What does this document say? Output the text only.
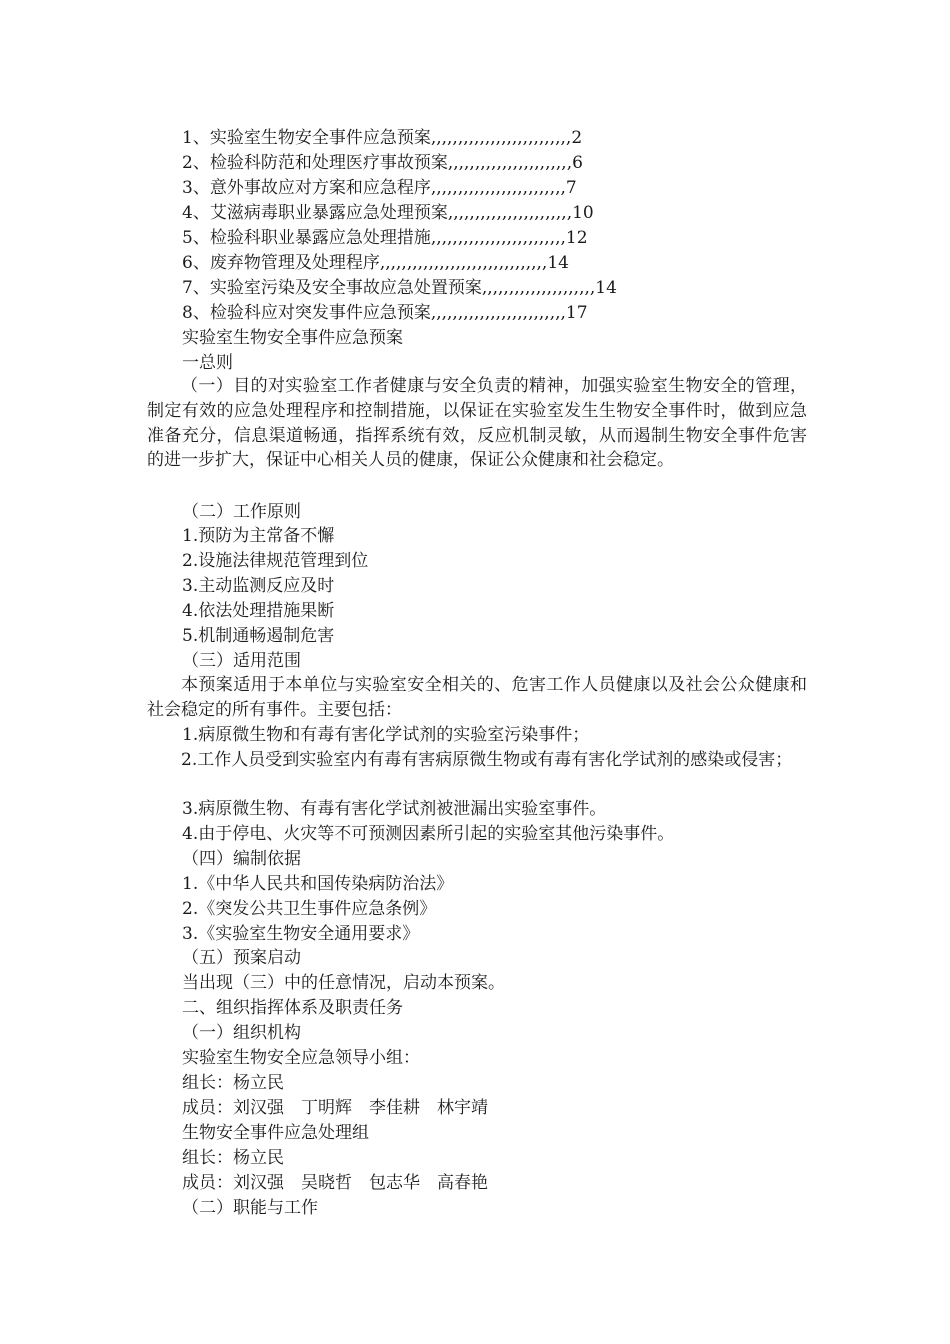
1、实验室生物安全事件应急预案,,,,,,,,,,,,,,,,,,,,,,,,,,2
2、检验科防范和处理医疗事故预案,,,,,,,,,,,,,,,,,,,,,,,6
3、意外事故应对方案和应急程序,,,,,,,,,,,,,,,,,,,,,,,,,7
4、艾滋病毒职业暴露应急处理预案,,,,,,,,,,,,,,,,,,,,,,,10
5、检验科职业暴露应急处理措施,,,,,,,,,,,,,,,,,,,,,,,,,12
6、废弃物管理及处理程序,,,,,,,,,,,,,,,,,,,,,,,,,,,,,,,14
7、实验室污染及安全事故应急处置预案,,,,,,,,,,,,,,,,,,,,,14
8、检验科应对突发事件应急预案,,,,,,,,,,,,,,,,,,,,,,,,,17
实验室生物安全事件应急预案
一总则
（一）目的对实验室工作者健康与安全负责的精神，加强实验室生物安全的管理，制定有效的应急处理程序和控制措施，以保证在实验室发生生物安全事件时，做到应急准备充分，信息渠道畅通，指挥系统有效，反应机制灵敏，从而遏制生物安全事件危害的进一步扩大，保证中心相关人员的健康，保证公众健康和社会稳定。
（二）工作原则
1.预防为主常备不懈
2.设施法律规范管理到位
3.主动监测反应及时
4.依法处理措施果断
5.机制通畅遏制危害
（三）适用范围
本预案适用于本单位与实验室安全相关的、危害工作人员健康以及社会公众健康和社会稳定的所有事件。主要包括：
1.病原微生物和有毒有害化学试剂的实验室污染事件；
2.工作人员受到实验室内有毒有害病原微生物或有毒有害化学试剂的感染或侵害；
3.病原微生物、有毒有害化学试剂被泄漏出实验室事件。
4.由于停电、火灾等不可预测因素所引起的实验室其他污染事件。
（四）编制依据
1.《中华人民共和国传染病防治法》
2.《突发公共卫生事件应急条例》
3.《实验室生物安全通用要求》
（五）预案启动
当出现（三）中的任意情况，启动本预案。
二、组织指挥体系及职责任务
（一）组织机构
实验室生物安全应急领导小组：
组长：杨立民
成员：刘汉强　丁明辉　李佳耕　林宇靖
生物安全事件应急处理组
组长：杨立民
成员：刘汉强　吴晓哲　包志华　高春艳
（二）职能与工作
